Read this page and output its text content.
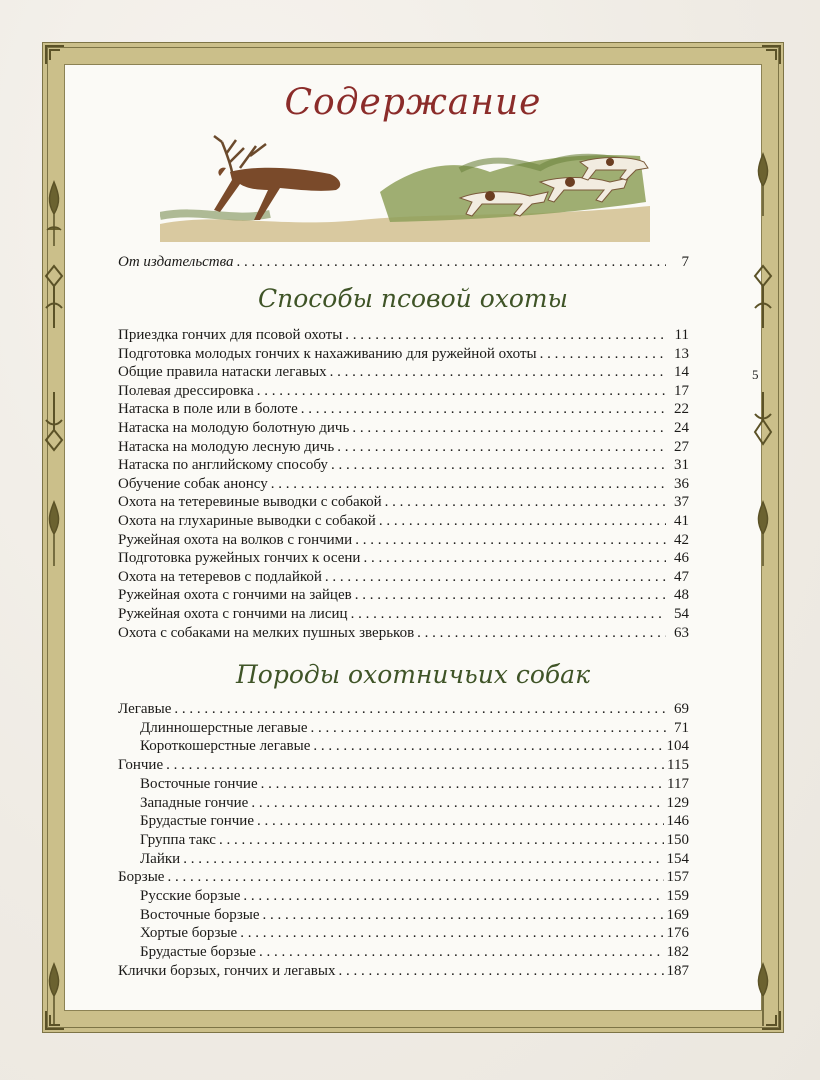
5
Содержание
От издательства . . .	7
Способы псовой охоты
Приездка гончих для псовой охоты . . .	11
Подготовка молодых гончих к нахаживанию для ружейной охоты . . .	13
Общие правила натаски легавых . . .	14
Полевая дрессировка . . .	17
Натаска в поле или в болоте . . .	22
Натаска на молодую болотную дичь . . .	24
Натаска на молодую лесную дичь . . .	27
Натаска по английскому способу . . .	31
Обучение собак анонсу . . .	36
Охота на тетеревиные выводки с собакой . . .	37
Охота на глухариные выводки с собакой . . .	41
Ружейная охота на волков с гончими . . .	42
Подготовка ружейных гончих к осени . . .	46
Охота на тетеревов с подлайкой . . .	47
Ружейная охота с гончими на зайцев . . .	48
Ружейная охота с гончими на лисиц . . .	54
Охота с собаками на мелких пушных зверьков . . .	63
Породы охотничьих собак
Легавые . . .	69
Длинношерстные легавые . . .	71
Короткошерстные легавые . . .	104
Гончие . . .	115
Восточные гончие . . .	117
Западные гончие . . .	129
Брудастые гончие . . .	146
Группа такс . . .	150
Лайки . . .	154
Борзые . . .	157
Русские борзые . . .	159
Восточные борзые . . .	169
Хортые борзые . . .	176
Брудастые борзые . . .	182
Клички борзых, гончих и легавых . . .	187
